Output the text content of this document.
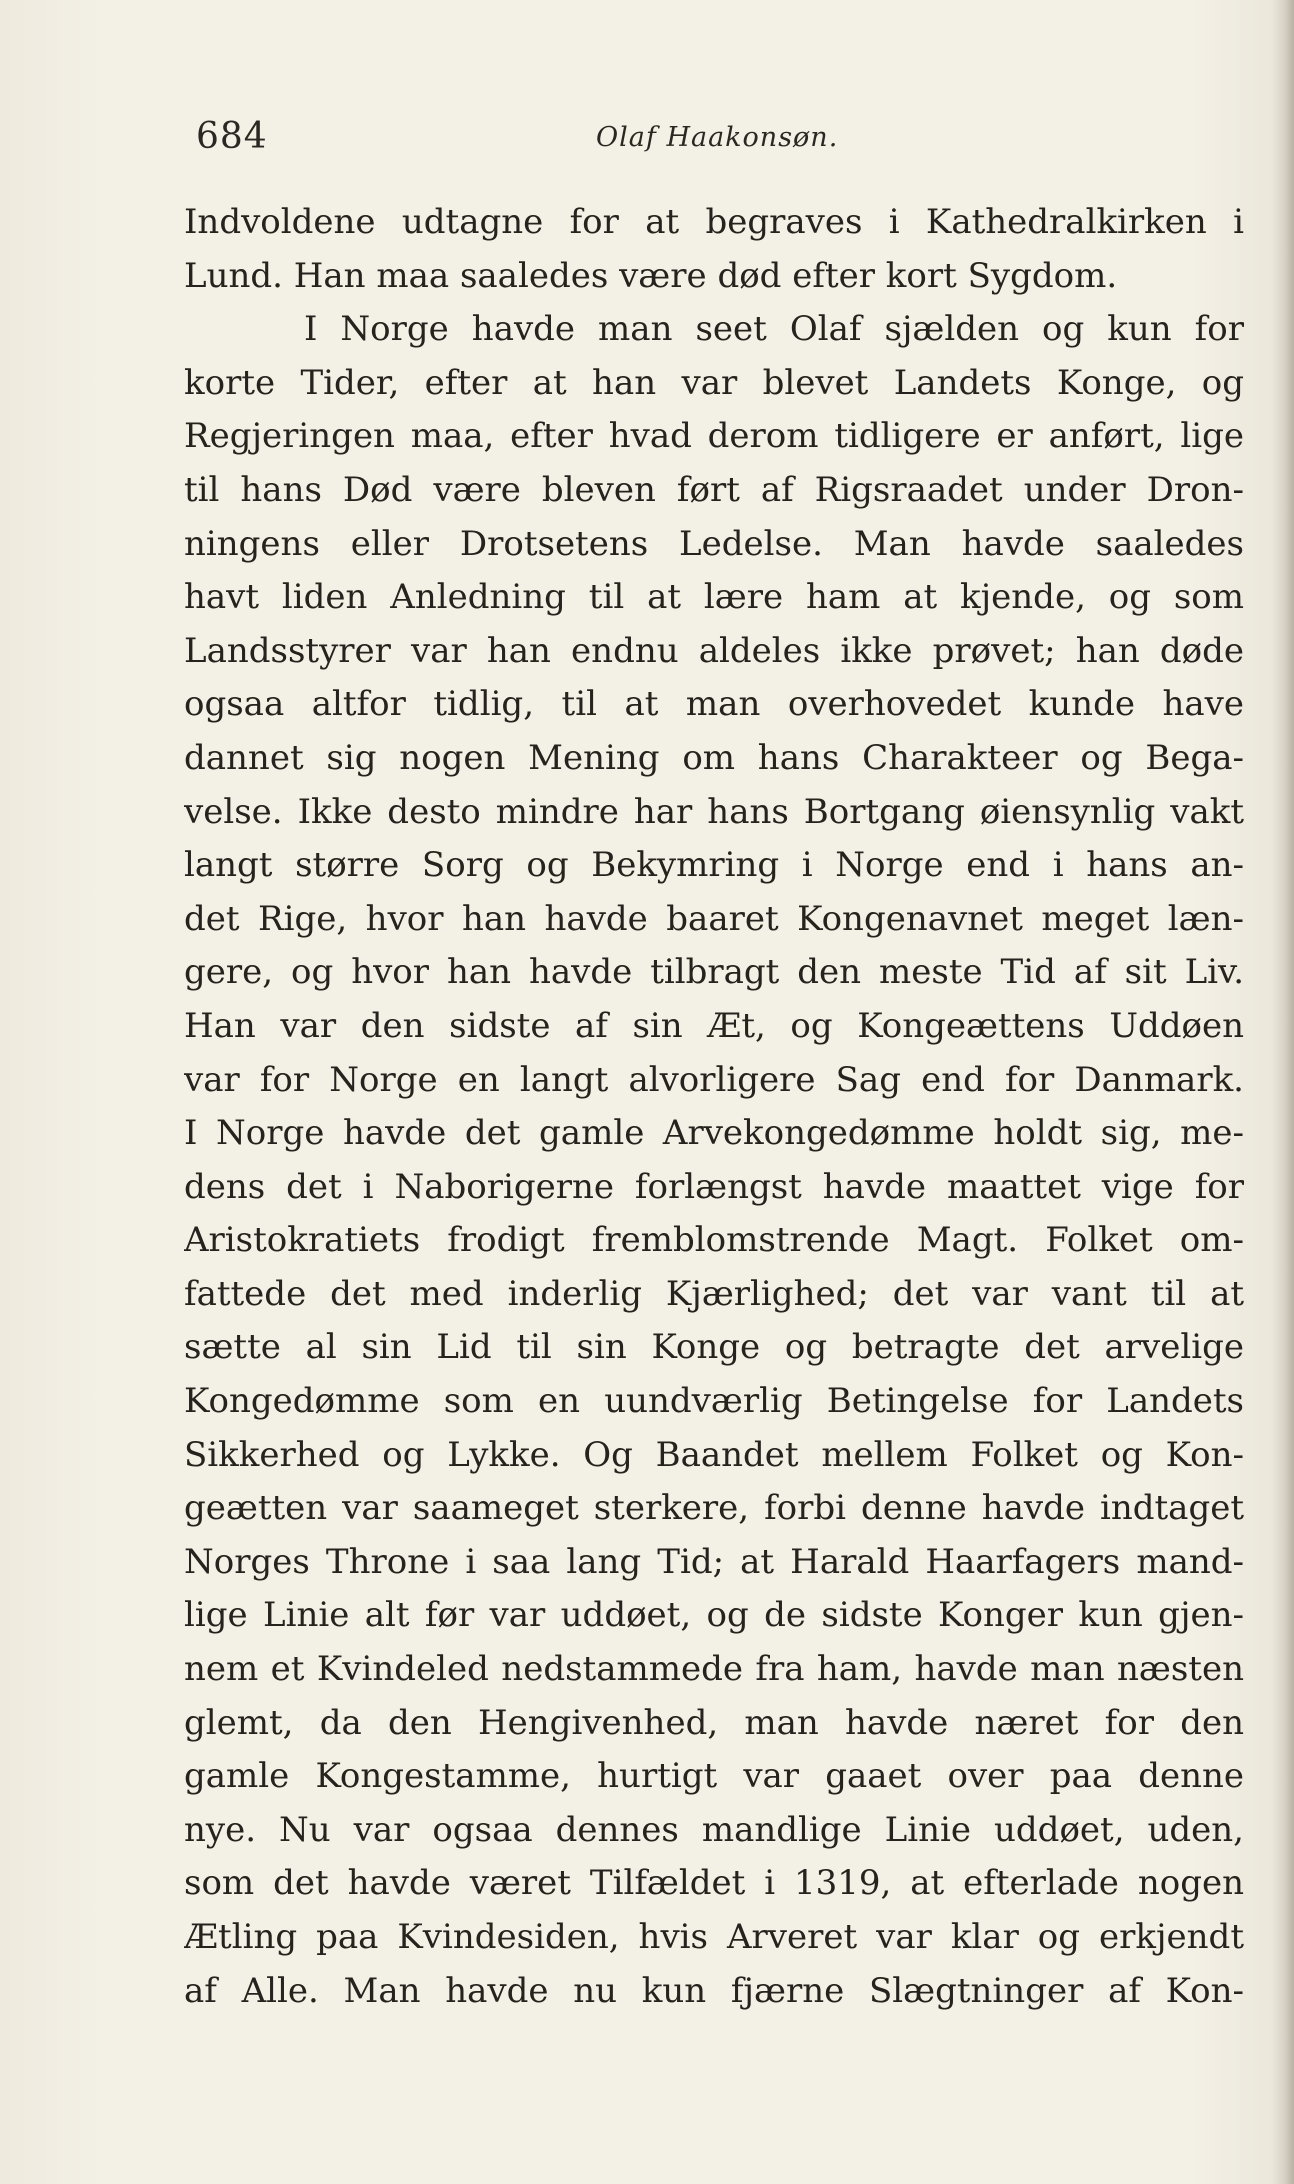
684	Olaf Haakonsøn.
Indvoldene udtagne for at begraves i Kathedralkirken i
Lund. Han maa saaledes være død efter kort Sygdom.
I Norge havde man seet Olaf sjælden og kun for
korte Tider, efter at han var blevet Landets Konge, og
Regjeringen maa, efter hvad derom tidligere er anført, lige
til hans Død være bleven ført af Rigsraadet under Dron-
ningens eller Drotsetens Ledelse. Man havde saaledes
havt liden Anledning til at lære ham at kjende, og som
Landsstyrer var han endnu aldeles ikke prøvet; han døde
ogsaa altfor tidlig, til at man overhovedet kunde have
dannet sig nogen Mening om hans Charakteer og Bega-
velse. Ikke desto mindre har hans Bortgang øiensynlig vakt
langt større Sorg og Bekymring i Norge end i hans an-
det Rige, hvor han havde baaret Kongenavnet meget læn-
gere, og hvor han havde tilbragt den meste Tid af sit Liv.
Han var den sidste af sin Æt, og Kongeættens Uddøen
var for Norge en langt alvorligere Sag end for Danmark.
I Norge havde det gamle Arvekongedømme holdt sig, me-
dens det i Naborigerne forlængst havde maattet vige for
Aristokratiets frodigt fremblomstrende Magt. Folket om-
fattede det med inderlig Kjærlighed; det var vant til at
sætte al sin Lid til sin Konge og betragte det arvelige
Kongedømme som en uundværlig Betingelse for Landets
Sikkerhed og Lykke. Og Baandet mellem Folket og Kon-
geætten var saameget sterkere, forbi denne havde indtaget
Norges Throne i saa lang Tid; at Harald Haarfagers mand-
lige Linie alt før var uddøet, og de sidste Konger kun gjen-
nem et Kvindeled nedstammede fra ham, havde man næsten
glemt, da den Hengivenhed, man havde næret for den
gamle Kongestamme, hurtigt var gaaet over paa denne
nye. Nu var ogsaa dennes mandlige Linie uddøet, uden,
som det havde været Tilfældet i 1319, at efterlade nogen
Ætling paa Kvindesiden, hvis Arveret var klar og erkjendt
af Alle. Man havde nu kun fjærne Slægtninger af Kon-
